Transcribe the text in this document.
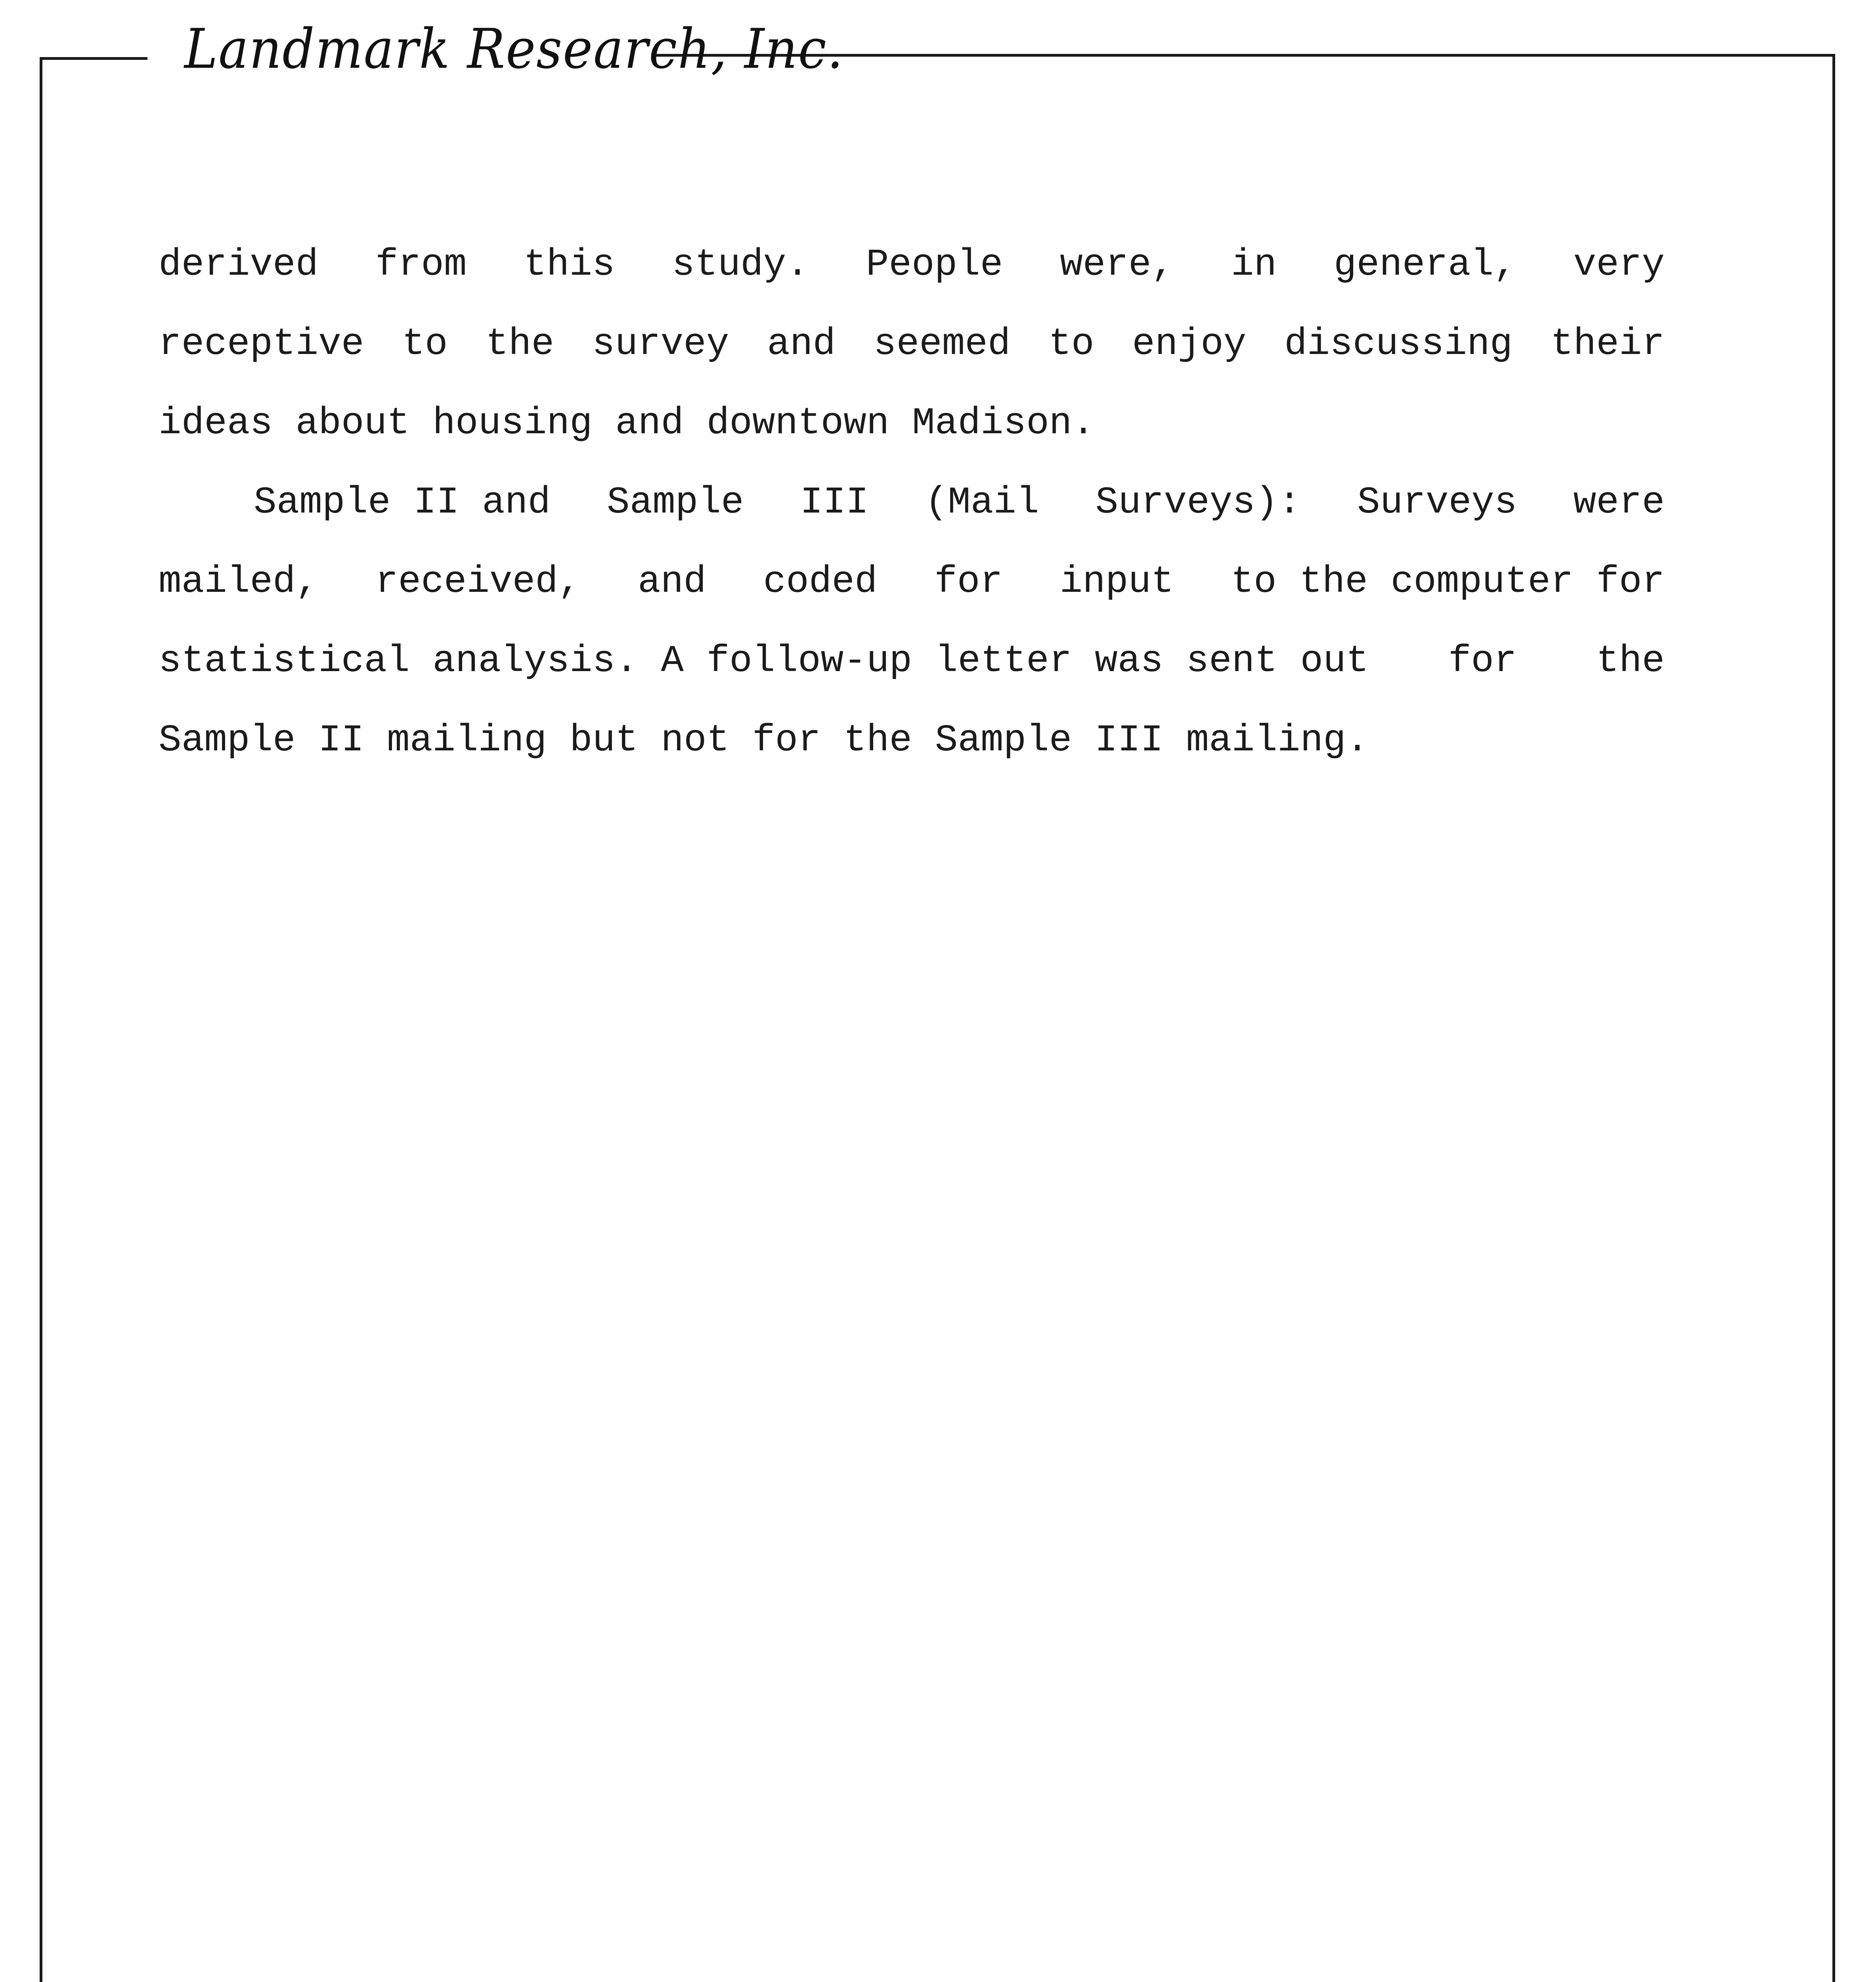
Landmark Research, Inc.
derived from this study. People were, in general, very
receptive to the survey and seemed to enjoy discussing their
ideas about housing and downtown Madison.
Sample II and Sample III (Mail Surveys): Surveys were
mailed, received, and coded for input to the computer for
statistical analysis. A follow-up letter was sent out for the
Sample II mailing but not for the Sample III mailing.
